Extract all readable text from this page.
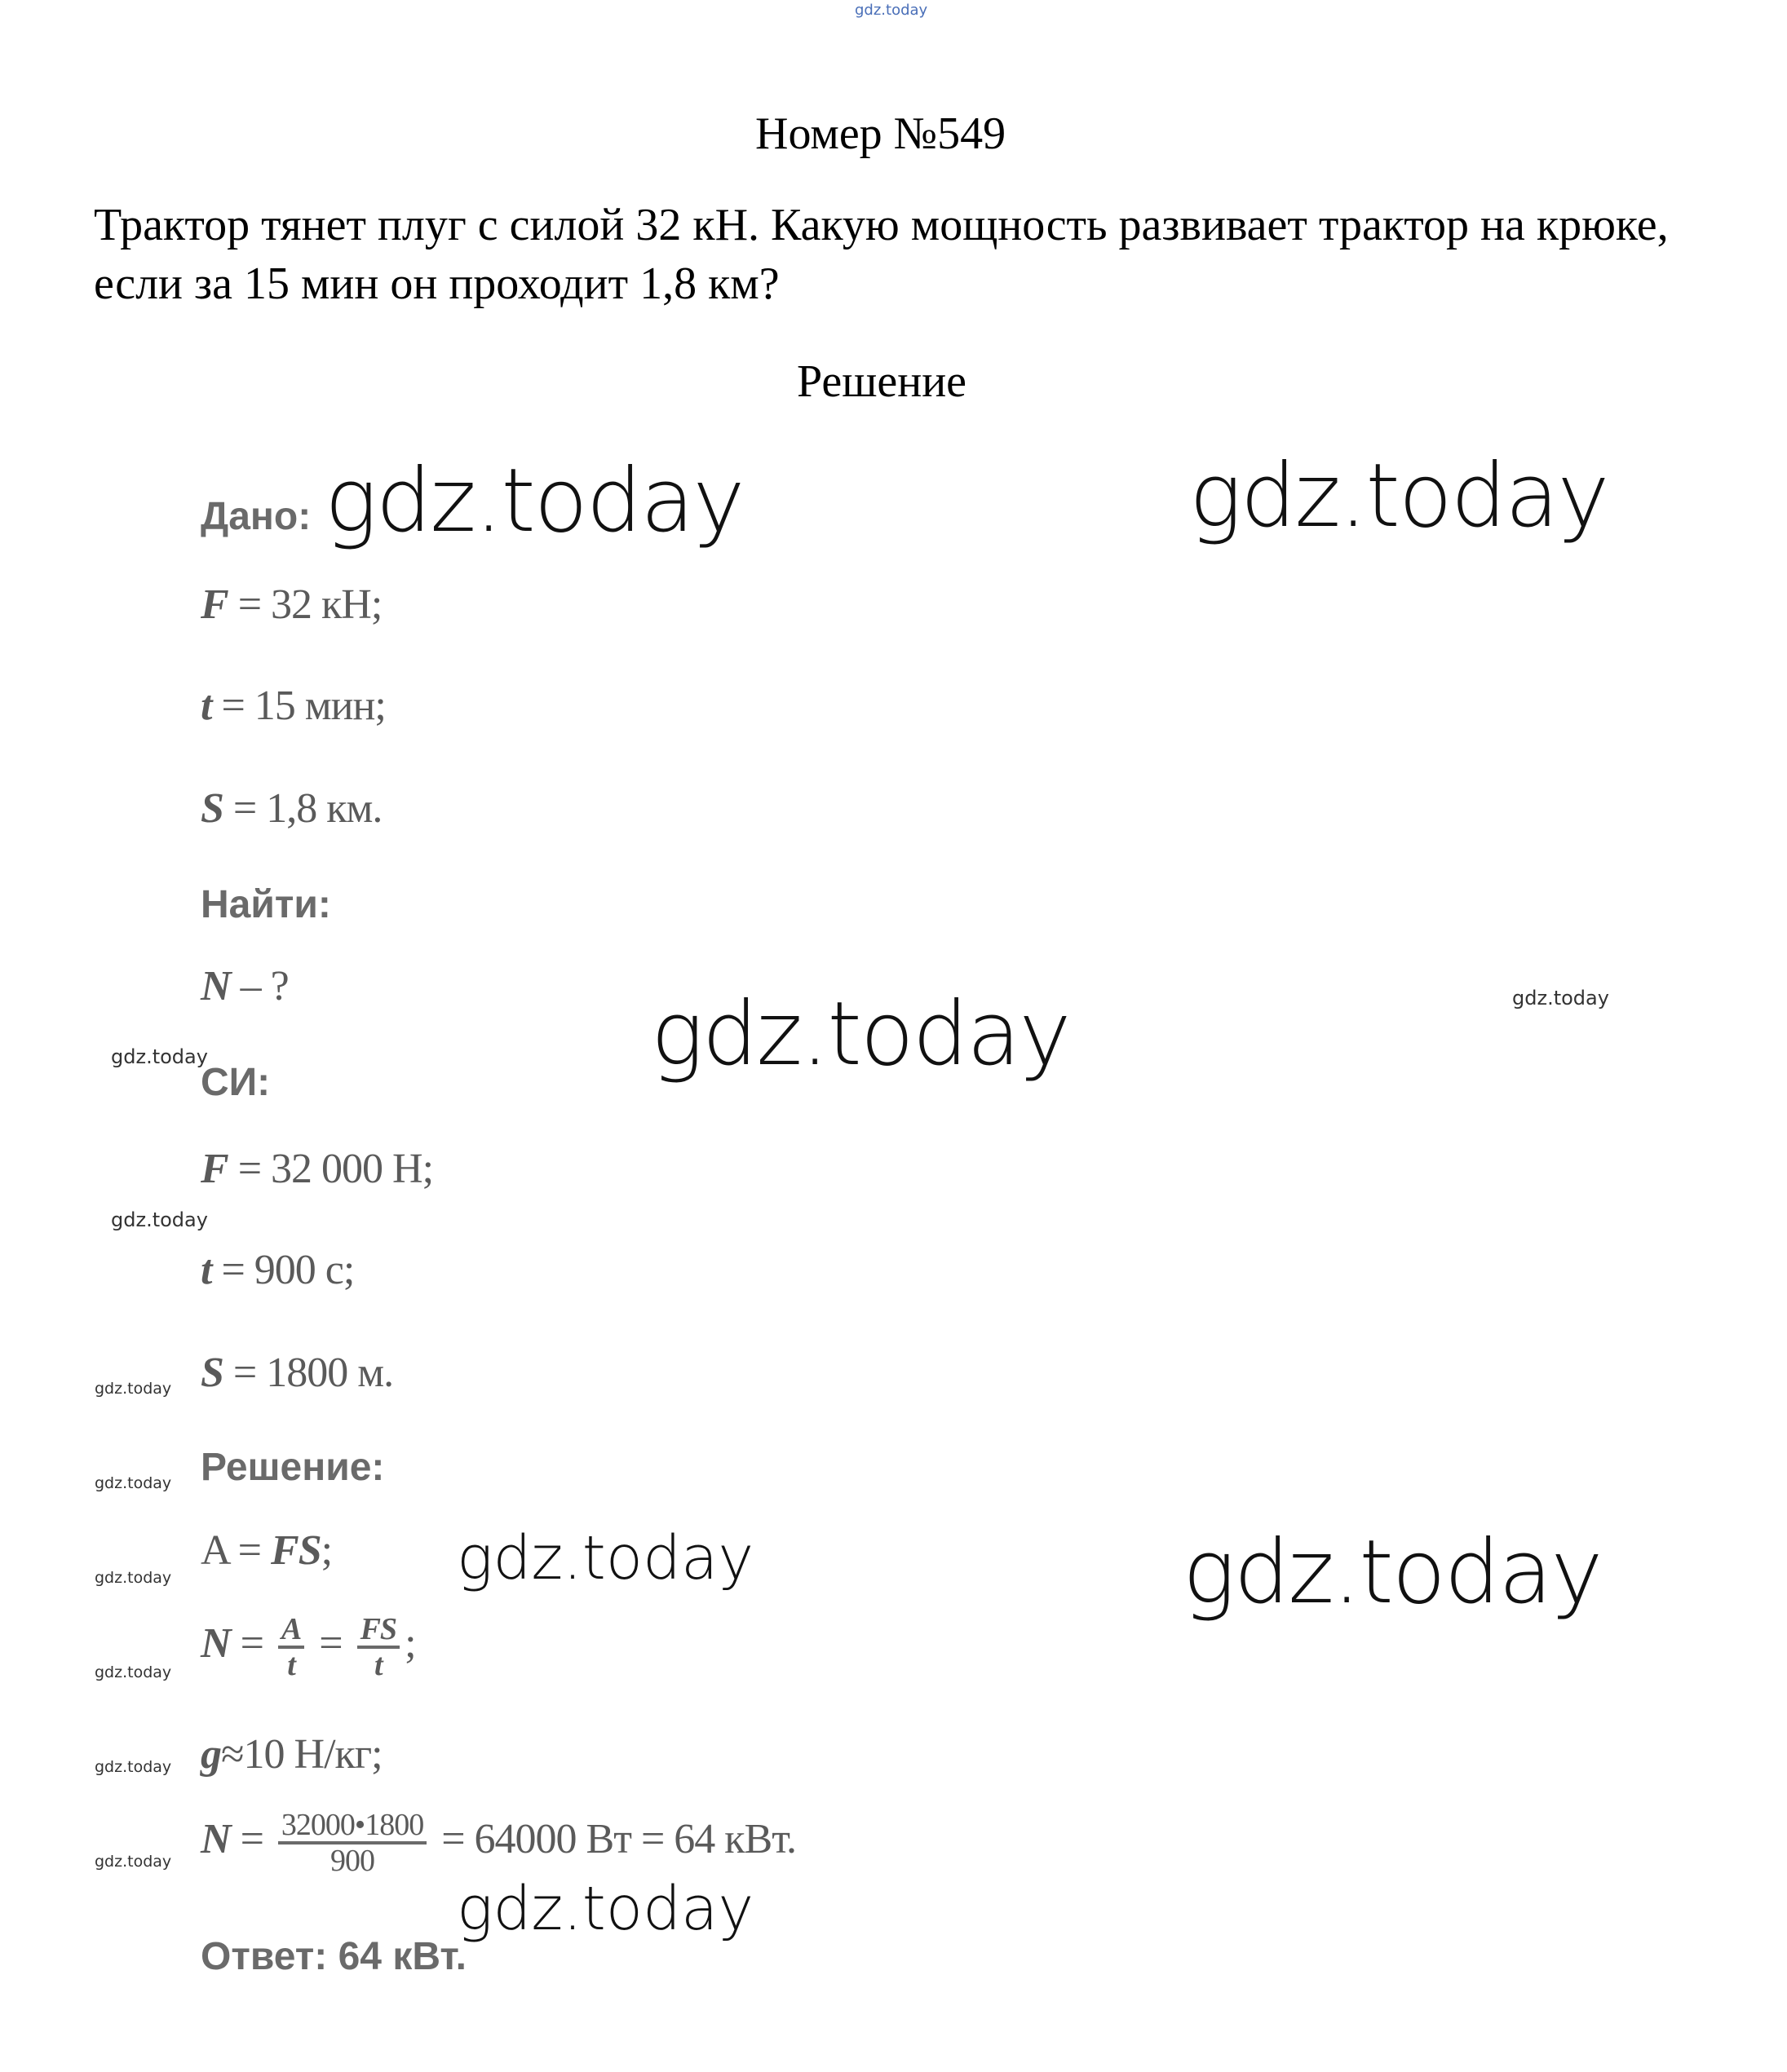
gdz.today
Номер №549
Трактор тянет плуг с силой 32 кН. Какую мощность развивает трактор на крюке, если за 15 мин он проходит 1,8 км?
Решение
Дано:
F = 32 кН;
t = 15 мин;
S = 1,8 км.
Найти:
N – ?
СИ:
F = 32 000 Н;
t = 900 с;
S = 1800 м.
Решение:
A = FS;
$N = \frac{A}{t} = \frac{FS}{t}$ ;
g≈10 Н/кг;
$N = \frac{32000•1800}{900} = 64000$ Вт = 64 кВт.
Ответ: 64 кВт.
gdz.today	gdz.today
gdz.today
gdz.today
gdz.today
gdz.today
gdz.today
gdz.today
gdz.today
gdz.today
gdz.today
gdz.today
gdz.today
gdz.today
gdz.today
